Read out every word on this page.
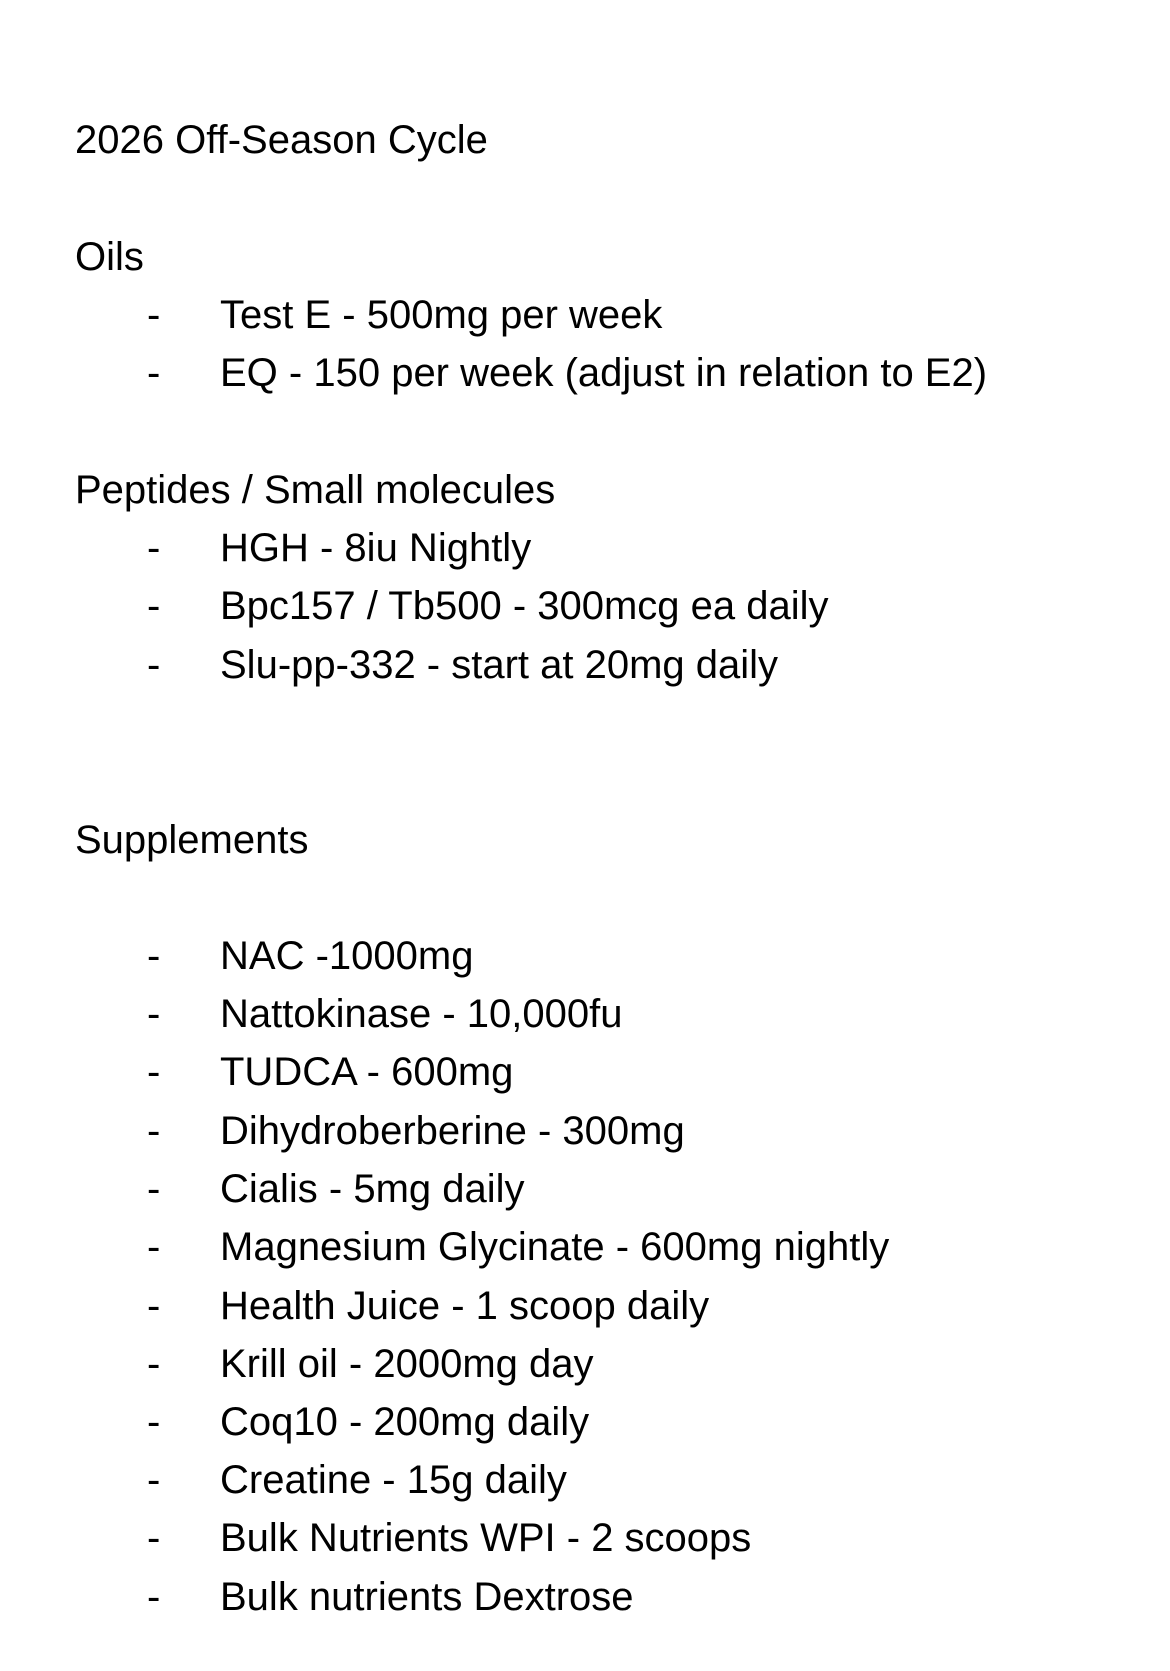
2026 Off-Season Cycle
Oils
- Test E - 500mg per week
- EQ - 150 per week (adjust in relation to E2)
Peptides / Small molecules
- HGH - 8iu Nightly
- Bpc157 / Tb500 - 300mcg ea daily
- Slu-pp-332 - start at 20mg daily
Supplements
- NAC -1000mg
- Nattokinase - 10,000fu
- TUDCA - 600mg
- Dihydroberberine - 300mg
- Cialis - 5mg daily
- Magnesium Glycinate - 600mg nightly
- Health Juice - 1 scoop daily
- Krill oil - 2000mg day
- Coq10 - 200mg daily
- Creatine - 15g daily
- Bulk Nutrients WPI - 2 scoops
- Bulk nutrients Dextrose
